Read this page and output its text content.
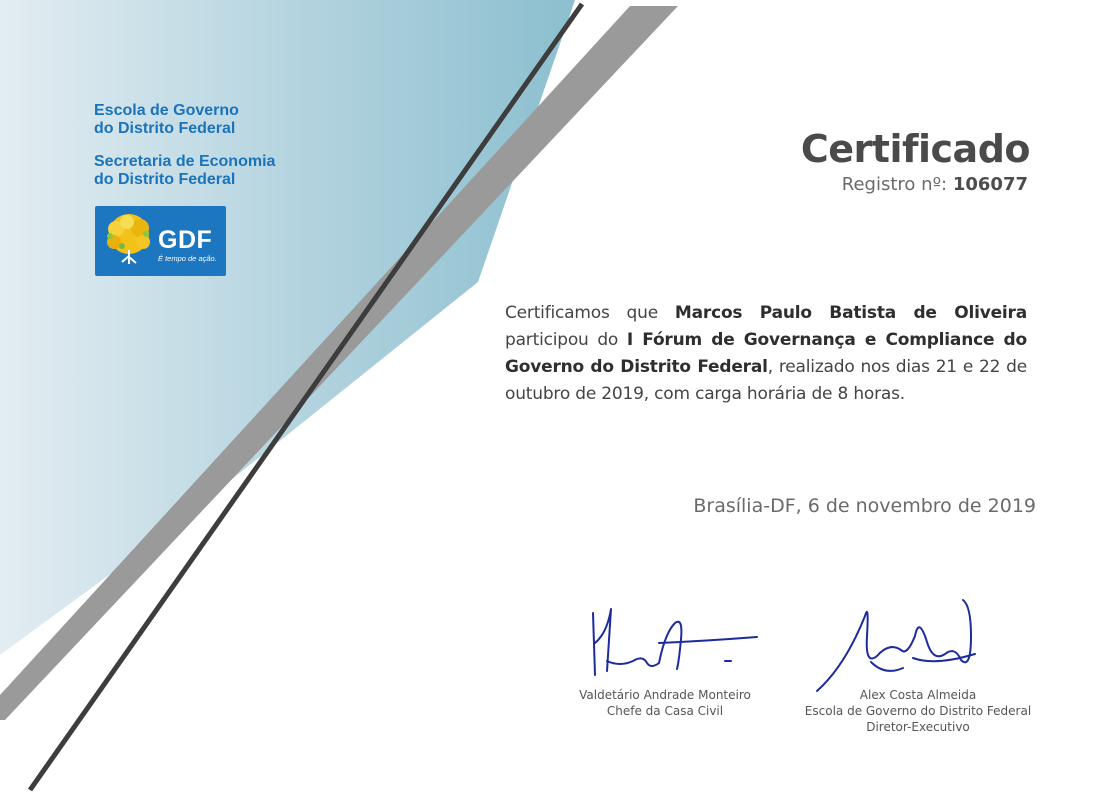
Escola de Governo
do Distrito Federal
Secretaria de Economia
do Distrito Federal
GDF
É tempo de ação.
Certificado
Registro nº: 106077
Certificamos que Marcos Paulo Batista de Oliveira participou do I Fórum de Governança e Compliance do Governo do Distrito Federal, realizado nos dias 21 e 22 de outubro de 2019, com carga horária de 8 horas.
Brasília-DF, 6 de novembro de 2019
Valdetário Andrade Monteiro
Chefe da Casa Civil
Alex Costa Almeida
Escola de Governo do Distrito Federal
Diretor-Executivo
